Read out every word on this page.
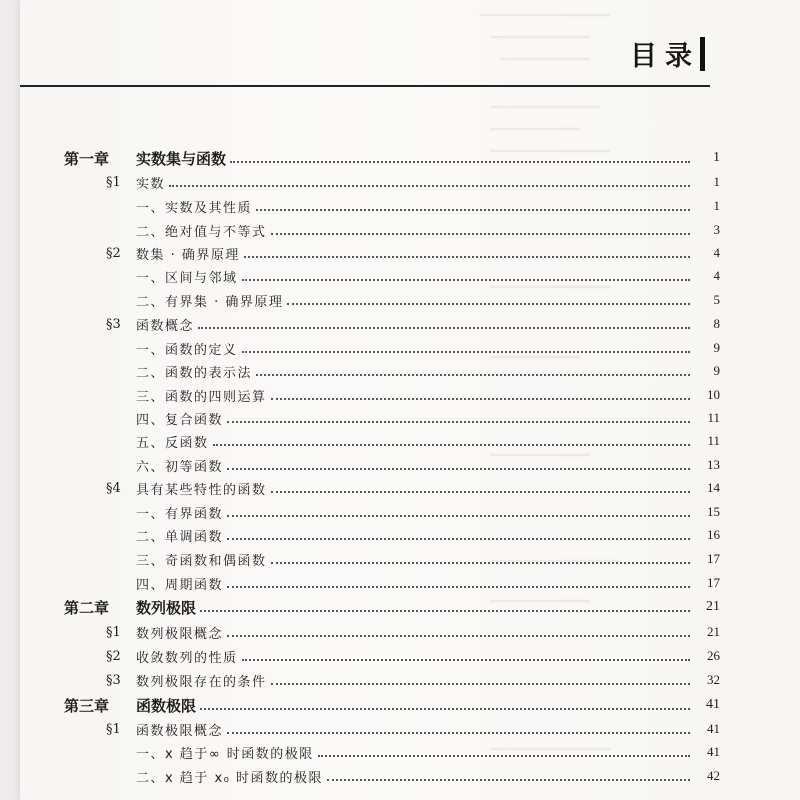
目录
第一章 实数集与函数	1
§1 实数	1
一、实数及其性质	1
二、绝对值与不等式	3
§2 数集 · 确界原理	4
一、区间与邻域	4
二、有界集 · 确界原理	5
§3 函数概念	8
一、函数的定义	9
二、函数的表示法	9
三、函数的四则运算	10
四、复合函数	11
五、反函数	11
六、初等函数	13
§4 具有某些特性的函数	14
一、有界函数	15
二、单调函数	16
三、奇函数和偶函数	17
四、周期函数	17
第二章 数列极限	21
§1 数列极限概念	21
§2 收敛数列的性质	26
§3 数列极限存在的条件	32
第三章 函数极限	41
§1 函数极限概念	41
一、x 趋于∞ 时函数的极限	41
二、x 趋于 x₀ 时函数的极限	42
